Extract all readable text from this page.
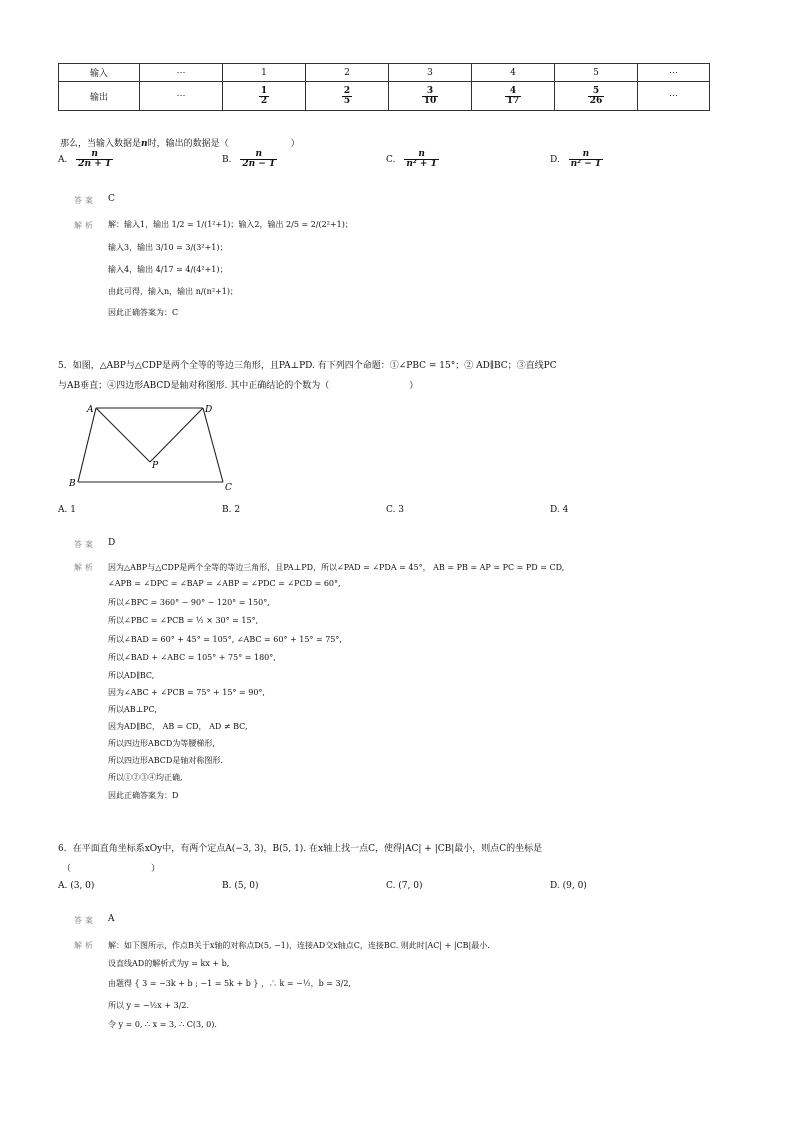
输入	⋯	1	2	3	4	5	⋯
输出	⋯	$\frac{1}{2}$	$\frac{2}{5}$	$\frac{3}{10}$	$\frac{4}{17}$	$\frac{5}{26}$	⋯
那么，当输入数据是n时，输出的数据是（	）
A. $\frac{n}{2n + 1}$	B. $\frac{n}{2n - 1}$	C. $\frac{n}{\text{n² + 1}}$	D. $\frac{n}{\text{n² − 1}}$
答案 C
解析 解：输入1，输出 1/2 = 1/(1²+1)；输入2，输出 2/5 = 2/(2²+1)；
输入3，输出 3/10 = 3/(3²+1)；
输入4，输出 4/17 = 4/(4²+1)；
由此可得，输入n，输出 n/(n²+1)；
因此正确答案为：C
5．如图，△ABP与△CDP是两个全等的等边三角形，且PA⊥PD. 有下列四个命题：①∠PBC = 15°；② AD∥BC；③直线PC
与AB垂直；④四边形ABCD是轴对称图形. 其中正确结论的个数为（	）
A	D
P
B	C
A. 1	B. 2	C. 3	D. 4
答案 D
解析 因为△ABP与△CDP是两个全等的等边三角形，且PA⊥PD，所以∠PAD = ∠PDA = 45°， AB = PB = AP = PC = PD = CD,
∠APB = ∠DPC = ∠BAP = ∠ABP = ∠PDC = ∠PCD = 60°,
所以∠BPC = 360° − 90° − 120° = 150°,
所以∠PBC = ∠PCB = ½ × 30° = 15°,
所以∠BAD = 60° + 45° = 105°, ∠ABC = 60° + 15° = 75°,
所以∠BAD + ∠ABC = 105° + 75° = 180°,
所以AD∥BC,
因为∠ABC + ∠PCB = 75° + 15° = 90°,
所以AB⊥PC,
因为AD∥BC， AB = CD， AD ≠ BC,
所以四边形ABCD为等腰梯形,
所以四边形ABCD是轴对称图形.
所以①②③④均正确,
因此正确答案为：D
6．在平面直角坐标系xOy中，有两个定点A(−3, 3)，B(5, 1). 在x轴上找一点C，使得|AC| + |CB|最小，则点C的坐标是
（	）
A. (3, 0)	B. (5, 0)	C. (7, 0)	D. (9, 0)
答案 A
解析 解：如下图所示，作点B关于x轴的对称点D(5, −1)，连接AD交x轴点C，连接BC. 则此时|AC| + |CB|最小.
设直线AD的解析式为y = kx + b,
由题得 { 3 = −3k + b ; −1 = 5k + b } ，∴ k = −½，b = 3/2,
所以 y = −½x + 3/2.
令 y = 0, ∴ x = 3, ∴ C(3, 0).
